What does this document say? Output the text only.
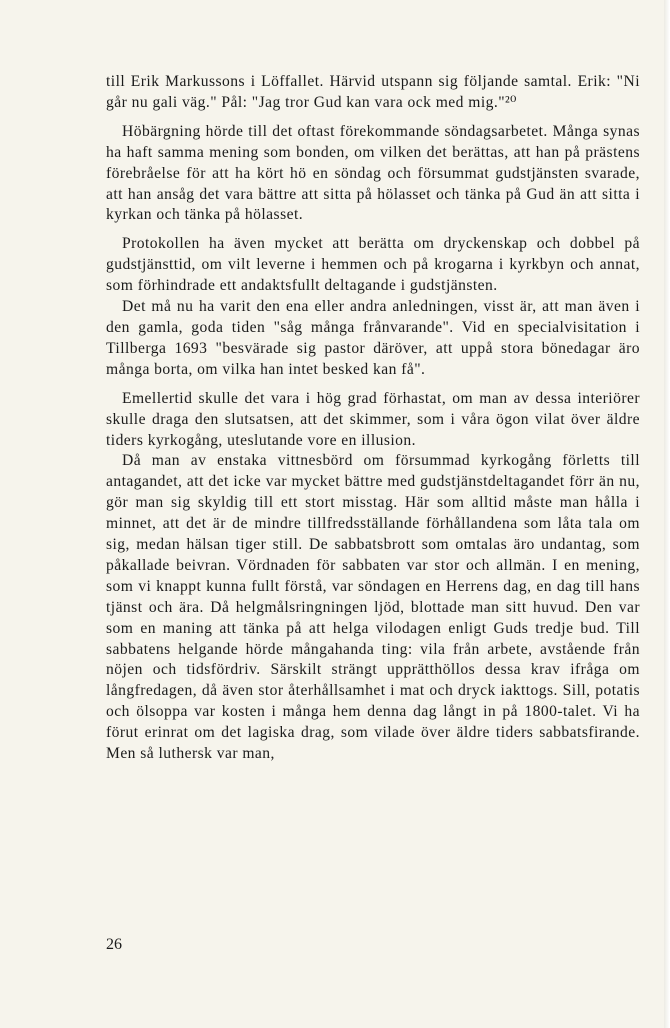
till Erik Markussons i Löffallet. Härvid utspann sig följande samtal. Erik: "Ni går nu gali väg." Pål: "Jag tror Gud kan vara ock med mig."²⁰

Höbärgning hörde till det oftast förekommande söndagsarbetet. Många synas ha haft samma mening som bonden, om vilken det berättas, att han på prästens förebråelse för att ha kört hö en söndag och försummat gudstjänsten svarade, att han ansåg det vara bättre att sitta på hölasset och tänka på Gud än att sitta i kyrkan och tänka på hölasset.

Protokollen ha även mycket att berätta om dryckenskap och dobbel på gudstjänsttid, om vilt leverne i hemmen och på krogarna i kyrkbyn och annat, som förhindrade ett andaktsfullt deltagande i gudstjänsten.

Det må nu ha varit den ena eller andra anledningen, visst är, att man även i den gamla, goda tiden "såg många frånvarande". Vid en specialvisitation i Tillberga 1693 "besvärade sig pastor däröver, att uppå stora bönedagar äro många borta, om vilka han intet besked kan få".

Emellertid skulle det vara i hög grad förhastat, om man av dessa interiörer skulle draga den slutsatsen, att det skimmer, som i våra ögon vilat över äldre tiders kyrkogång, uteslutande vore en illusion.

Då man av enstaka vittnesbörd om försummad kyrkogång förletts till antagandet, att det icke var mycket bättre med gudstjänstdeltagandet förr än nu, gör man sig skyldig till ett stort misstag. Här som alltid måste man hålla i minnet, att det är de mindre tillfredsställande förhållandena som låta tala om sig, medan hälsan tiger still. De sabbatsbrott som omtalas äro undantag, som påkallade beivran. Vördnaden för sabbaten var stor och allmän. I en mening, som vi knappt kunna fullt förstå, var söndagen en Herrens dag, en dag till hans tjänst och ära. Då helgmålsringningen ljöd, blottade man sitt huvud. Den var som en maning att tänka på att helga vilodagen enligt Guds tredje bud. Till sabbatens helgande hörde mångahanda ting: vila från arbete, avstående från nöjen och tidsfördriv. Särskilt strängt upprätthöllos dessa krav ifråga om långfredagen, då även stor återhållsamhet i mat och dryck iakttogs. Sill, potatis och ölsoppa var kosten i många hem denna dag långt in på 1800-talet. Vi ha förut erinrat om det lagiska drag, som vilade över äldre tiders sabbatsfirande. Men så luthersk var man,

26
